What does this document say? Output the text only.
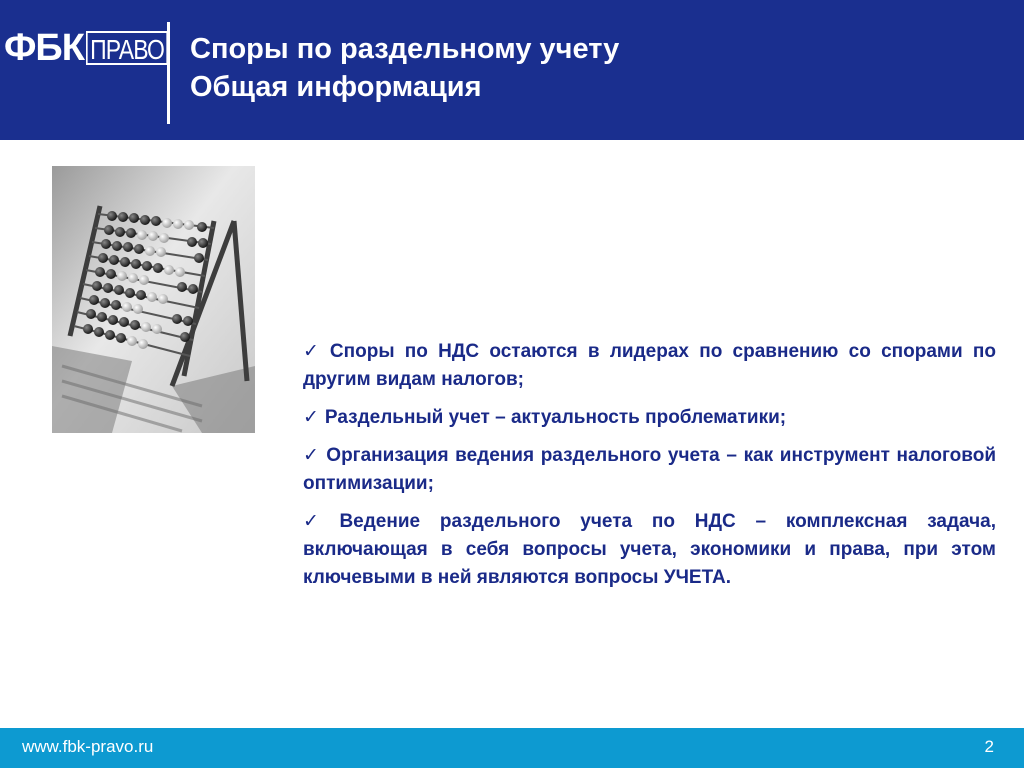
ФБК ПРАВО Споры по раздельному учету
Общая информация
✓ Споры по НДС остаются в лидерах по сравнению со спорами по другим видам налогов;
✓ Раздельный учет – актуальность проблематики;
✓ Организация ведения раздельного учета – как инструмент налоговой оптимизации;
✓ Ведение раздельного учета по НДС – комплексная задача, включающая в себя вопросы учета, экономики и права, при этом ключевыми в ней являются вопросы УЧЕТА.
www.fbk-pravo.ru	2
